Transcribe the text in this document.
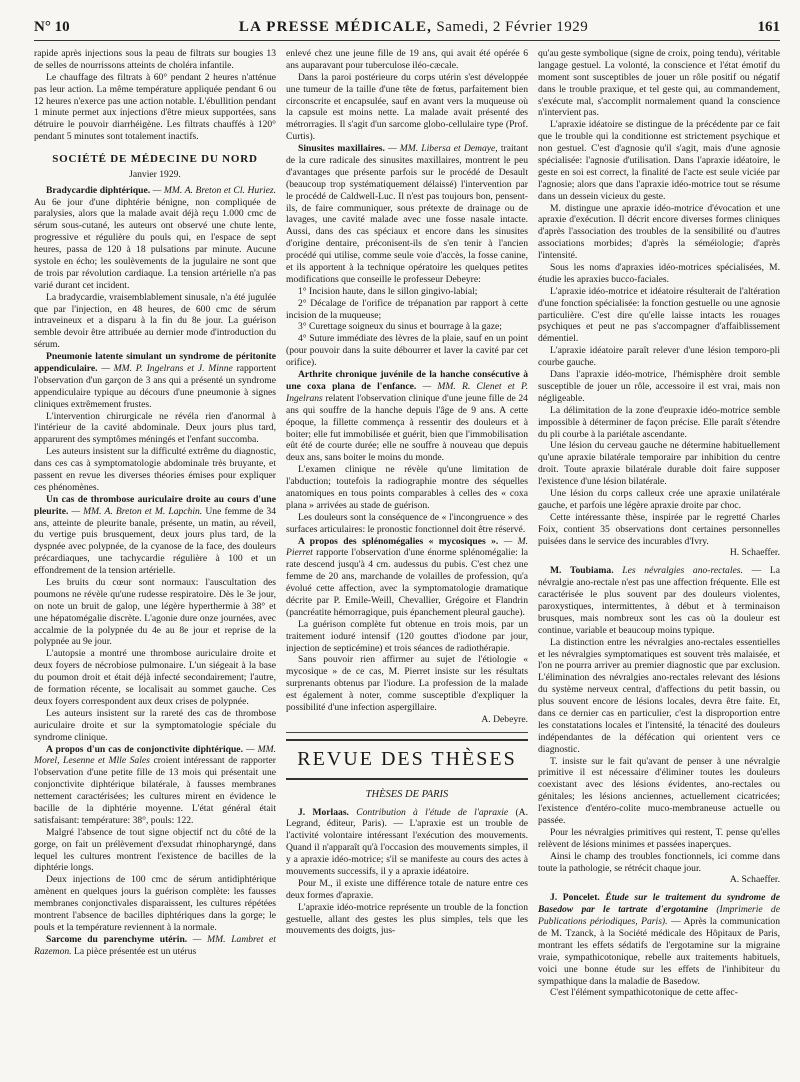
N° 10	LA PRESSE MÉDICALE, Samedi, 2 Février 1929	161

rapide après injections sous la peau de filtrats sur bougies 13 de selles de nourrissons atteints de choléra infantile.

Le chauffage des filtrats à 60° pendant 2 heures n'atténue pas leur action. La même température appliquée pendant 6 ou 12 heures n'exerce pas une action notable. L'ébullition pendant 1 minute permet aux injections d'être mieux supportées, sans détruire le pouvoir diarrhéigène. Les filtrats chauffés à 120° pendant 5 minutes sont totalement inactifs.

SOCIÉTÉ DE MÉDECINE DU NORD
Janvier 1929.

Bradycardie diphtérique. — MM. A. Breton et Cl. Huriez. Au 6e jour d'une diphtérie bénigne, non compliquée de paralysies, alors que la malade avait déjà reçu 1.000 cmc de sérum sous-cutané, les auteurs ont observé une chute lente, progressive et régulière du pouls qui, en l'espace de sept heures, passa de 120 à 18 pulsations par minute. Aucune systole en écho; les soulèvements de la jugulaire ne sont que de trois par révolution cardiaque. La tension artérielle n'a pas varié durant cet incident.

La bradycardie, vraisemblablement sinusale, n'a été jugulée que par l'injection, en 48 heures, de 600 cmc de sérum intraveineux et a disparu à la fin du 8e jour. La guérison semble devoir être attribuée au dernier mode d'introduction du sérum.

Pneumonie latente simulant un syndrome de péritonite appendiculaire. — MM. P. Ingelrans et J. Minne rapportent l'observation d'un garçon de 3 ans qui a présenté un syndrome appendiculaire typique au décours d'une pneumonie à signes cliniques extrêmement frustes.

L'intervention chirurgicale ne révéla rien d'anormal à l'intérieur de la cavité abdominale. Deux jours plus tard, apparurent des symptômes méningés et l'enfant succomba.

Les auteurs insistent sur la difficulté extrême du diagnostic, dans ces cas à symptomatologie abdominale très bruyante, et passent en revue les diverses théories émises pour expliquer ces phénomènes.

Un cas de thrombose auriculaire droite au cours d'une pleurite. — MM. A. Breton et M. Lapchin. Une femme de 34 ans, atteinte de pleurite banale, présente, un matin, au réveil, du vertige puis brusquement, deux jours plus tard, de la dyspnée avec polypnée, de la cyanose de la face, des douleurs précardiaques, une tachycardie régulière à 100 et un effondrement de la tension artérielle.

Les bruits du cœur sont normaux: l'auscultation des poumons ne révèle qu'une rudesse respiratoire. Dès le 3e jour, on note un bruit de galop, une légère hyperthermie à 38° et une hépatomégalie discrète. L'agonie dure onze journées, avec accalmie de la polypnée du 4e au 8e jour et reprise de la polypnée au 9e jour.

L'autopsie a montré une thrombose auriculaire droite et deux foyers de nécrobiose pulmonaire. L'un siégeait à la base du poumon droit et était déjà infecté secondairement; l'autre, de formation récente, se localisait au sommet gauche. Ces deux foyers correspondent aux deux crises de polypnée.

Les auteurs insistent sur la rareté des cas de thrombose auriculaire droite et sur la symptomatologie spéciale du syndrome clinique.

A propos d'un cas de conjonctivite diphtérique. — MM. Morel, Lesenne et Mlle Sales croient intéressant de rapporter l'observation d'une petite fille de 13 mois qui présentait une conjonctivite diphtérique bilatérale, à fausses membranes nettement caractérisées; les cultures mirent en évidence le bacille de la diphtérie moyenne. L'état général était satisfaisant: température: 38°, pouls: 122.

Malgré l'absence de tout signe objectif nct du côté de la gorge, on fait un prélèvement d'exsudat rhinopharyngé, dans lequel les cultures montrent l'existence de bacilles de la diphtérie longs.

Deux injections de 100 cmc de sérum antidiphtérique amènent en quelques jours la guérison complète: les fausses membranes conjonctivales disparaissent, les cultures répétées montrent l'absence de bacilles diphtériques dans la gorge; le pouls et la température reviennent à la normale.

Sarcome du parenchyme utérin. — MM. Lambret et Razemon. La pièce présentée est un utérus

enlevé chez une jeune fille de 19 ans, qui avait été opérée 6 ans auparavant pour tuberculose iléo-cæcale.

Dans la paroi postérieure du corps utérin s'est développée une tumeur de la taille d'une tête de fœtus, parfaitement bien circonscrite et encapsulée, sauf en avant vers la muqueuse où la capsule est moins nette. La malade avait présenté des métrorragies. Il s'agit d'un sarcome globo-cellulaire type (Prof. Curtis).

Sinusites maxillaires. — MM. Libersa et Demaye, traitant de la cure radicale des sinusites maxillaires, montrent le peu d'avantages que présente parfois sur le procédé de Desault (beaucoup trop systématiquement délaissé) l'intervention par le procédé de Caldwell-Luc. Il n'est pas toujours bon, pensent-ils, de faire communiquer, sous prétexte de drainage ou de lavages, une cavité malade avec une fosse nasale intacte. Aussi, dans des cas spéciaux et encore dans les sinusites d'origine dentaire, préconisent-ils de s'en tenir à l'ancien procédé qui utilise, comme seule voie d'accès, la fosse canine, et ils apportent à la technique opératoire les quelques petites modifications que conseille le professeur Debeyre:

1° Incision haute, dans le sillon gingivo-labial;

2° Décalage de l'orifice de trépanation par rapport à cette incision de la muqueuse;

3° Curettage soigneux du sinus et bourrage à la gaze;

4° Suture immédiate des lèvres de la plaie, sauf en un point (pour pouvoir dans la suite débourrer et laver la cavité par cet orifice).

Arthrite chronique juvénile de la hanche consécutive à une coxa plana de l'enfance. — MM. R. Clenet et P. Ingelrans relatent l'observation clinique d'une jeune fille de 24 ans qui souffre de la hanche depuis l'âge de 9 ans. A cette époque, la fillette commença à ressentir des douleurs et à boiter; elle fut immobilisée et guérit, bien que l'immobilisation eût été de courte durée; elle ne souffre à nouveau que depuis deux ans, sans boiter le moins du monde.

L'examen clinique ne révèle qu'une limitation de l'abduction; toutefois la radiographie montre des séquelles anatomiques en tous points comparables à celles des « coxa plana » arrivées au stade de guérison.

Les douleurs sont la conséquence de « l'incongruence » des surfaces articulaires: le pronostic fonctionnel doit être réservé.

A propos des splénomégalies « mycosiques ». — M. Pierret rapporte l'observation d'une énorme splénomégalie: la rate descend jusqu'à 4 cm. audessus du pubis. C'est chez une femme de 20 ans, marchande de volailles de profession, qu'a évolué cette affection, avec la symptomatologie dramatique décrite par P. Emile-Weill, Chevallier, Grégoire et Flandrin (pancréatite hémorragique, puis épanchement pleural gauche).

La guérison complète fut obtenue en trois mois, par un traitement ioduré intensif (120 gouttes d'iodone par jour, injection de septicémine) et trois séances de radiothérapie.

Sans pouvoir rien affirmer au sujet de l'étiologie « mycosique » de ce cas, M. Pierret insiste sur les résultats surprenants obtenus par l'iodure. La profession de la malade est également à noter, comme susceptible d'expliquer la possibilité d'une infection aspergillaire.

A. Debeyre.

REVUE DES THÈSES
THÈSES DE PARIS

J. Morlaas. Contribution à l'étude de l'apraxie (A. Legrand, éditeur, Paris). — L'apraxie est un trouble de l'activité volontaire intéressant l'exécution des mouvements. Quand il n'apparaît qu'à l'occasion des mouvements simples, il y a apraxie idéo-motrice; s'il se manifeste au cours des actes à mouvements successifs, il y a apraxie idéatoire.

Pour M., il existe une différence totale de nature entre ces deux formes d'apraxie.

L'apraxie idéo-motrice représente un trouble de la fonction gestuelle, allant des gestes les plus simples, tels que les mouvements des doigts, jus-

qu'au geste symbolique (signe de croix, poing tendu), véritable langage gestuel. La volonté, la conscience et l'état émotif du moment sont susceptibles de jouer un rôle positif ou négatif dans le trouble praxique, et tel geste qui, au commandement, s'exécute mal, s'accomplit normalement quand la conscience n'intervient pas.

L'apraxie idéatoire se distingue de la précédente par ce fait que le trouble qui la conditionne est strictement psychique et non gestuel. C'est d'agnosie qu'il s'agit, mais d'une agnosie spécialisée: l'agnosie d'utilisation. Dans l'apraxie idéatoire, le geste en soi est correct, la finalité de l'acte est seule viciée par l'agnosie; alors que dans l'apraxie idéo-motrice tout se résume dans un dessein vicieux du geste.

M. distingue une apraxie idéo-motrice d'évocation et une apraxie d'exécution. Il décrit encore diverses formes cliniques d'après l'association des troubles de la sensibilité ou d'autres associations morbides; d'après la séméiologie; d'après l'intensité.

Sous les noms d'apraxies idéo-motrices spécialisées, M. étudie les apraxies bucco-faciales.

L'apraxie idéo-motrice et idéatoire résulterait de l'altération d'une fonction spécialisée: la fonction gestuelle ou une agnosie particulière. C'est dire qu'elle laisse intacts les rouages psychiques et peut ne pas s'accompagner d'affaiblissement démentiel.

L'apraxie idéatoire paraît relever d'une lésion temporo-pli courbe gauche.

Dans l'apraxie idéo-motrice, l'hémisphère droit semble susceptible de jouer un rôle, accessoire il est vrai, mais non négligeable.

La délimitation de la zone d'eupraxie idéo-motrice semble impossible à déterminer de façon précise. Elle paraît s'étendre du pli courbe à la pariétale ascendante.

Une lésion du cerveau gauche ne détermine habituellement qu'une apraxie bilatérale temporaire par inhibition du centre droit. Toute apraxie bilatérale durable doit faire supposer l'existence d'une lésion bilatérale.

Une lésion du corps calleux crée une apraxie unilatérale gauche, et parfois une légère apraxie droite par choc.

Cette intéressante thèse, inspirée par le regretté Charles Foix, contient 35 observations dont certaines personnelles puisées dans le service des incurables d'Ivry.

H. Schaeffer.

M. Toubiama. Les névralgies ano-rectales. — La névralgie ano-rectale n'est pas une affection fréquente. Elle est caractérisée le plus souvent par des douleurs violentes, paroxystiques, intermittentes, à début et à terminaison brusques, mais nombreux sont les cas où la douleur est continue, variable et beaucoup moins typique.

La distinction entre les névralgies ano-rectales essentielles et les névralgies symptomatiques est souvent très malaisée, et l'on ne pourra arriver au premier diagnostic que par exclusion. L'élimination des névralgies ano-rectales relevant des lésions du système nerveux central, d'affections du petit bassin, ou plus souvent encore de lésions locales, devra être faite. Et, dans ce dernier cas en particulier, c'est la disproportion entre les constatations locales et l'intensité, la ténacité des douleurs indépendantes de la défécation qui orientent vers ce diagnostic.

T. insiste sur le fait qu'avant de penser à une névralgie primitive il est nécessaire d'éliminer toutes les douleurs coexistant avec des lésions évidentes, ano-rectales ou génitales; les lésions anciennes, actuellement cicatricées; l'existence d'entéro-colite muco-membraneuse actuelle ou passée.

Pour les névralgies primitives qui restent, T. pense qu'elles relèvent de lésions minimes et passées inaperçues.

Ainsi le champ des troubles fonctionnels, ici comme dans toute la pathologie, se rétrécit chaque jour.

A. Schaeffer.

J. Poncelet. Étude sur le traitement du syndrome de Basedow par le tartrate d'ergotamine (Imprimerie de Publications périodiques, Paris). — Après la communication de M. Tzanck, à la Société médicale des Hôpitaux de Paris, montrant les effets sédatifs de l'ergotamine sur la migraine vraie, sympathicotonique, rebelle aux traitements habituels, voici une bonne étude sur les effets de l'inhibiteur du sympathique dans la maladie de Basedow.

C'est l'élément sympathicotonique de cette affec-
